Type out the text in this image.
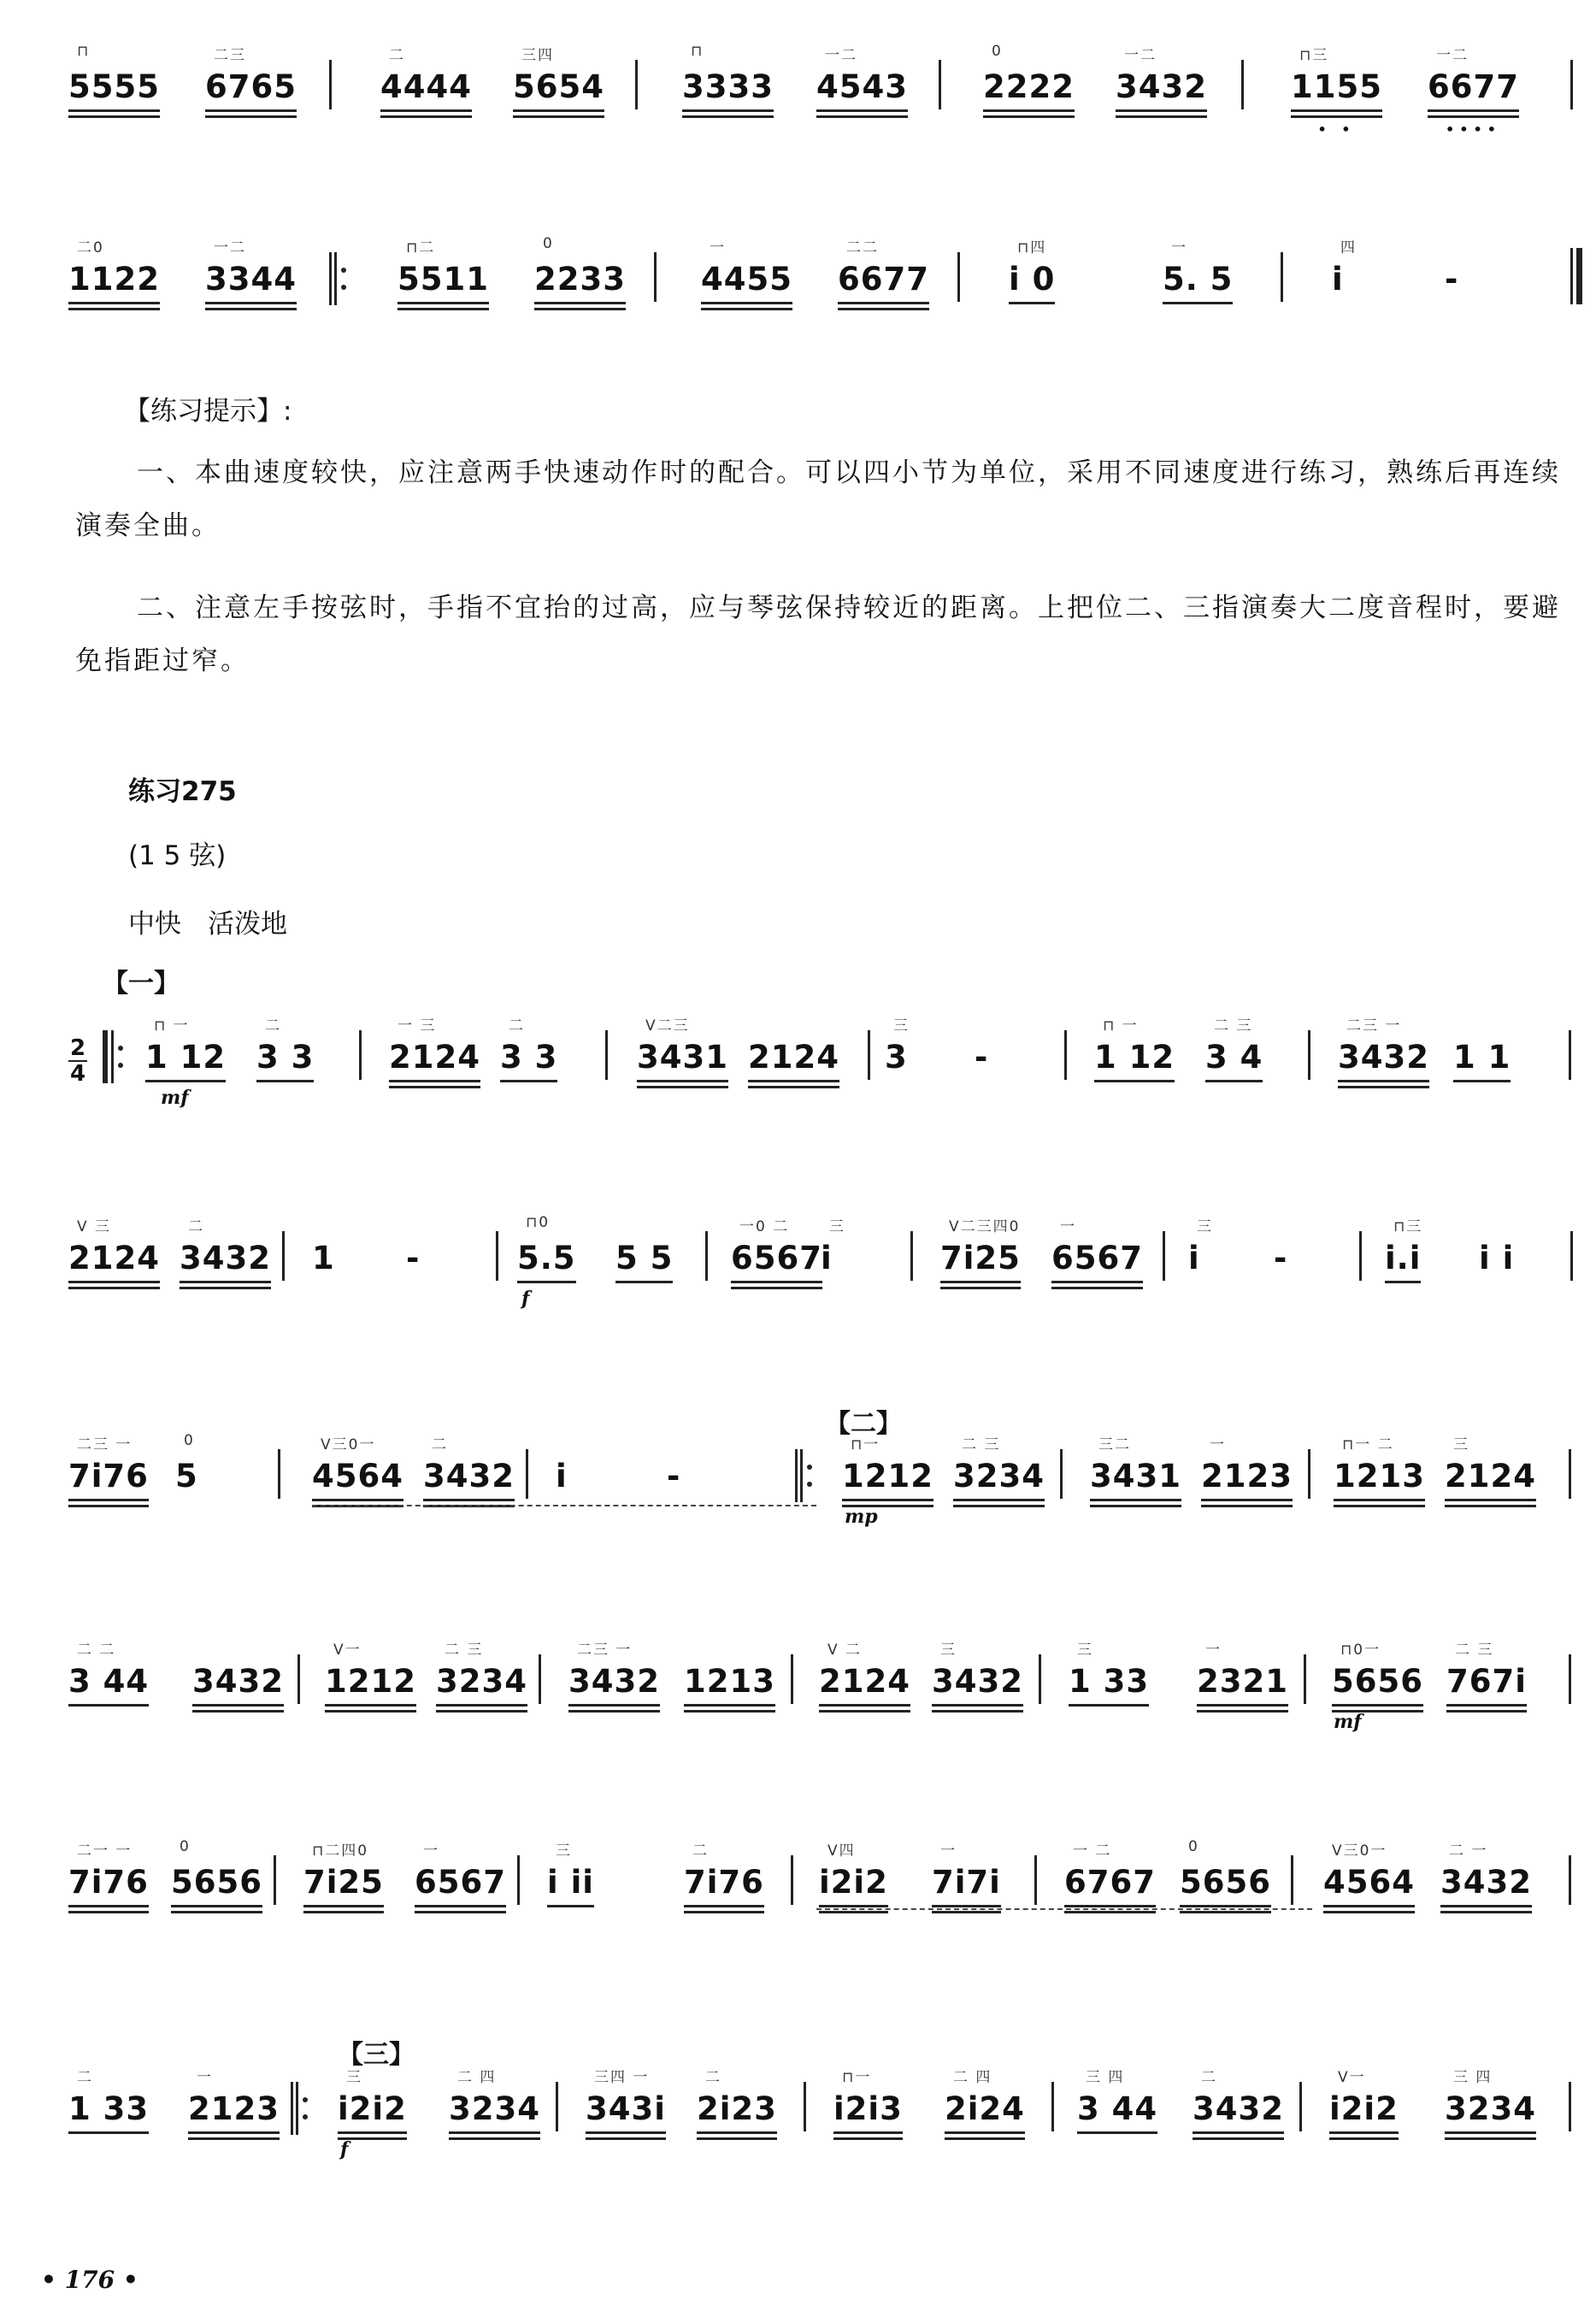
⊓
5555
二三
6765
二
4444
三四
5654
⊓
3333
一二
4543
0
2222
一二
3432
⊓三
1155
• •
一二
6677
••••
二0
1122
一二
3344
⊓二
5511
0
2233
一
4455
二二
6677
⊓四
i 0
一
5. 5
四
i	-
【练习提示】:
一、本曲速度较快，应注意两手快速动作时的配合。可以四小节为单位，采用不同速度进行练习，熟练后再连续演奏全曲。
二、注意左手按弦时，手指不宜抬的过高，应与琴弦保持较近的距离。上把位二、三指演奏大二度音程时，要避免指距过窄。
练习275
(1 5 弦)
中快　活泼地
【一】
2
4
⊓ 一
1 12
二
3 3
mf
一 三
2124
二
3 3
V二三
3431 2124
三
3 -
⊓ 一
1 12
二 三
3 4
二三 一
3432 1 1
V 三
2124
二
3432 1 -
⊓0
5.5 5 5
f
一0 二
6567
三
i
V二三四0
7i25
一
6567
三
i -
⊓三
i.i i i
【二】
二三 一
7i76
0
5
V三0一
4564
二
3432 i	-
⊓一
1212
二 三
3234
mp
三二
3431
一
2123
⊓一 二
1213
三
2124
二 二
3 44 3432
V一
1212
二 三
3234
二三 一
3432 1213
V 二
2124
三
3432
三
1 33
一
2321
⊓0一
5656
二 三
767i
mf
二一 一
7i76
0
5656
⊓二四0
7i25
一
6567
三
i ii
二
7i76
V四
i2i2
一
7i7i
一 二
6767
0
5656
V三0一
4564
二 一
3432
【三】
二
1 33
一
2123
三
i2i2
二 四
3234
f
三四 一
343i
二
2i23
⊓一
i2i3
二 四
2i24
三 四
3 44
二
3432
V一
i2i2
三 四
3234
• 176 •
